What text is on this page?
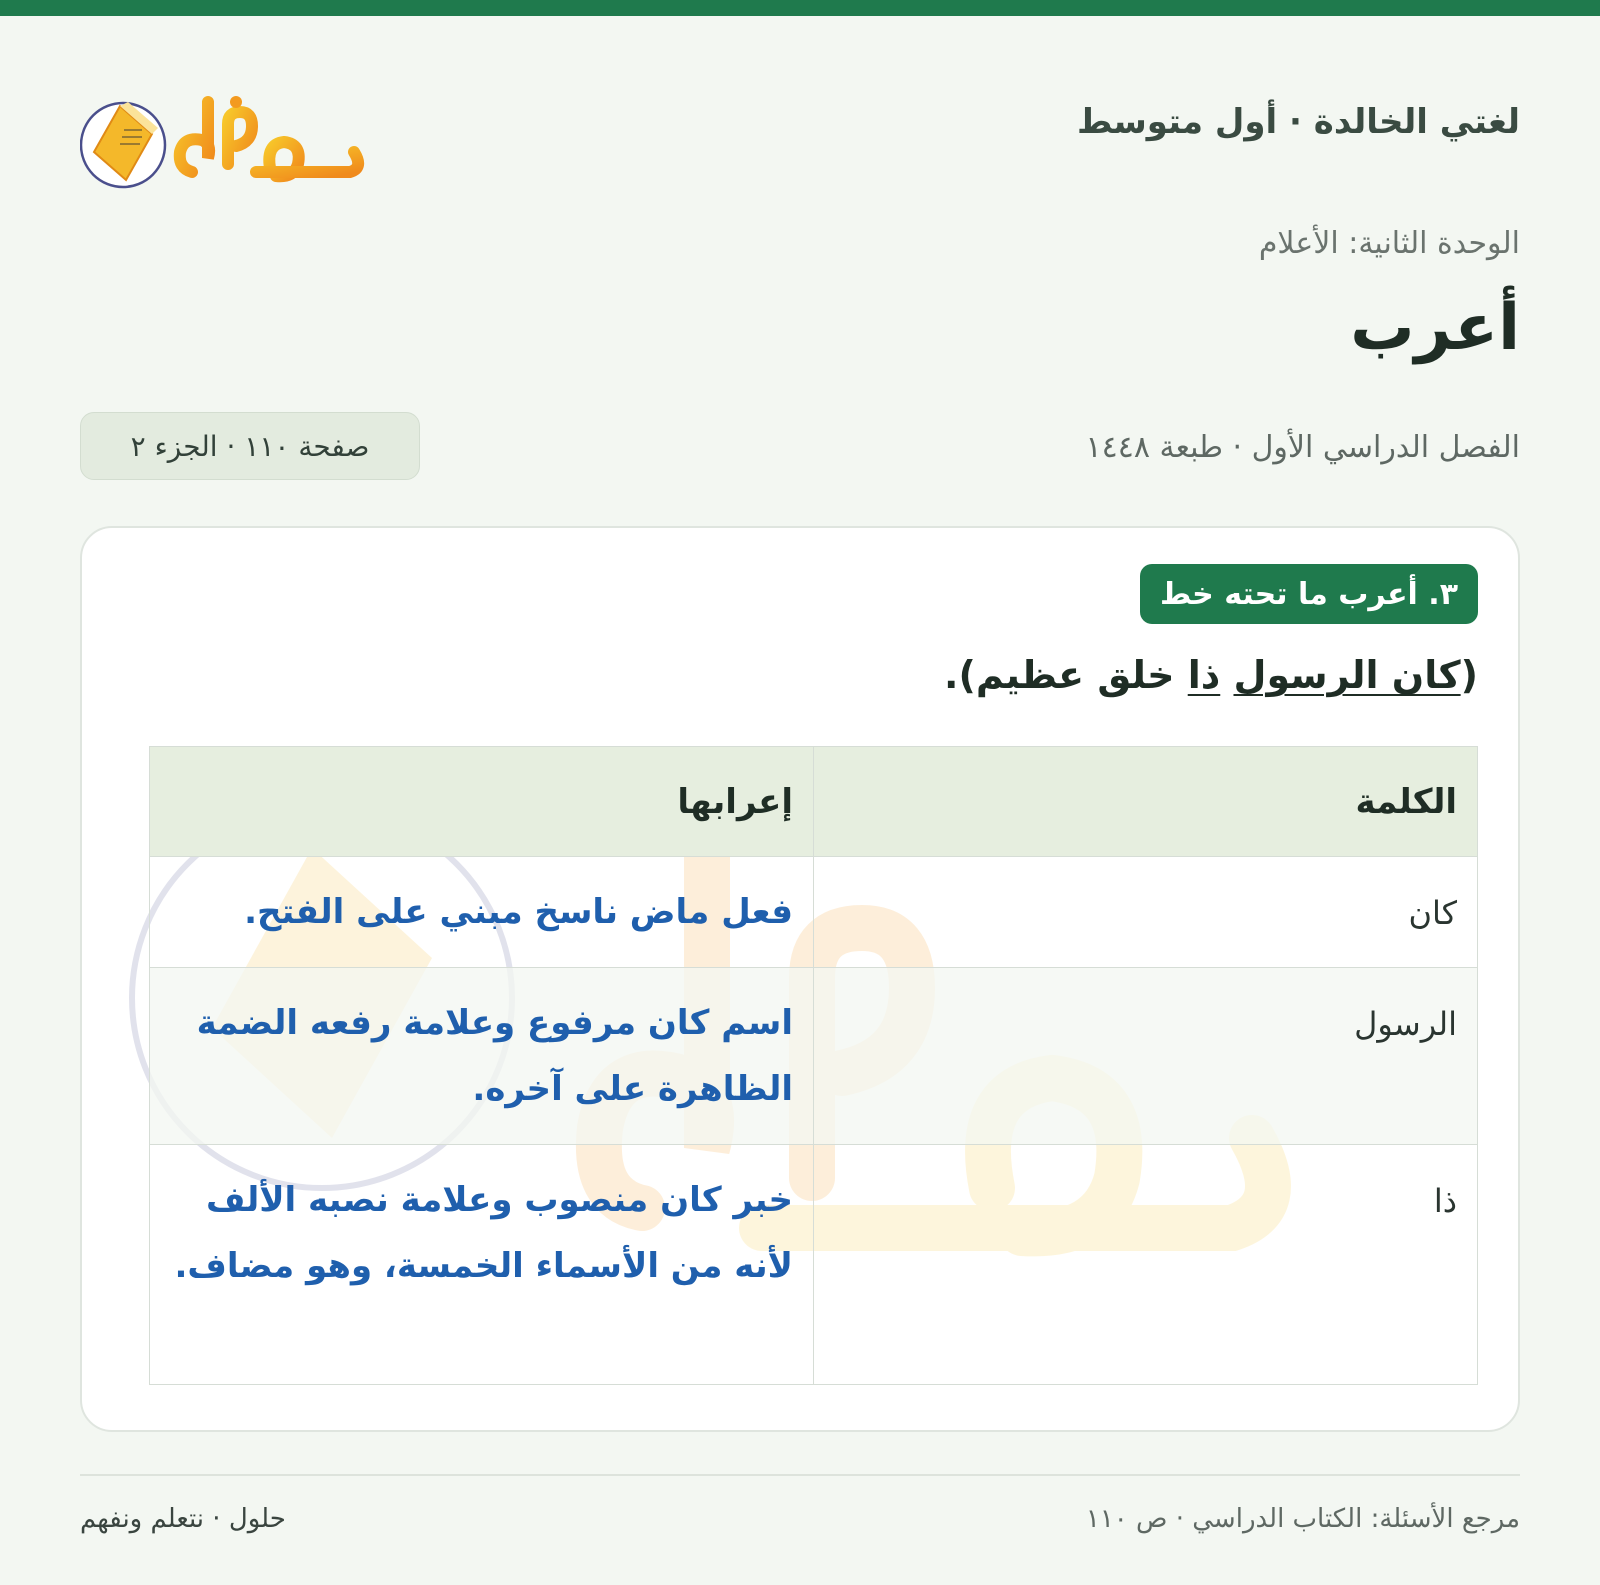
لغتي الخالدة · أول متوسط
الوحدة الثانية: الأعلام
أعرب
الفصل الدراسي الأول · طبعة ١٤٤٨
صفحة ١١٠ · الجزء ٢
٣. أعرب ما تحته خط
(كان الرسول ذا خلق عظيم).
الكلمة	إعرابها
كان	فعل ماض ناسخ مبني على الفتح.
الرسول	اسم كان مرفوع وعلامة رفعه الضمة الظاهرة على آخره.
ذا	خبر كان منصوب وعلامة نصبه الألف لأنه من الأسماء الخمسة، وهو مضاف.
مرجع الأسئلة: الكتاب الدراسي · ص ١١٠
حلول · نتعلم ونفهم
